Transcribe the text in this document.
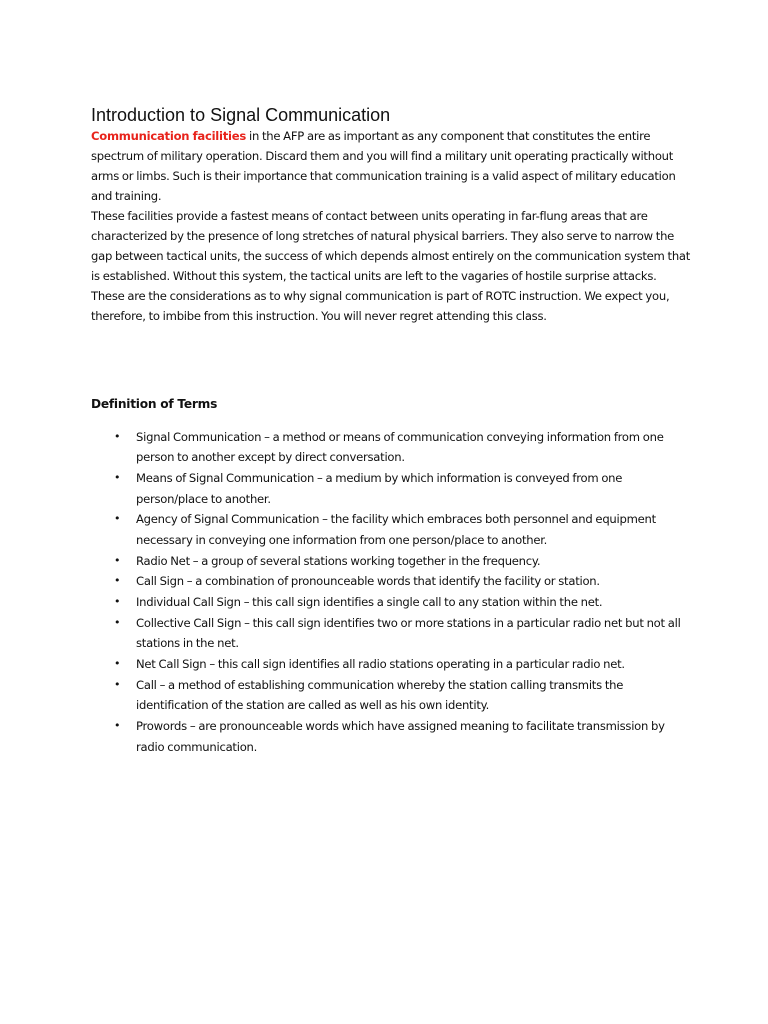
Introduction to Signal Communication

Communication facilities in the AFP are as important as any component that constitutes the entire spectrum of military operation. Discard them and you will find a military unit operating practically without arms or limbs. Such is their importance that communication training is a valid aspect of military education and training.

These facilities provide a fastest means of contact between units operating in far-flung areas that are characterized by the presence of long stretches of natural physical barriers. They also serve to narrow the gap between tactical units, the success of which depends almost entirely on the communication system that is established. Without this system, the tactical units are left to the vagaries of hostile surprise attacks. These are the considerations as to why signal communication is part of ROTC instruction. We expect you, therefore, to imbibe from this instruction. You will never regret attending this class.

Definition of Terms
• Signal Communication – a method or means of communication conveying information from one person to another except by direct conversation.
• Means of Signal Communication – a medium by which information is conveyed from one person/place to another.
• Agency of Signal Communication – the facility which embraces both personnel and equipment necessary in conveying one information from one person/place to another.
• Radio Net – a group of several stations working together in the frequency.
• Call Sign – a combination of pronounceable words that identify the facility or station.
• Individual Call Sign – this call sign identifies a single call to any station within the net.
• Collective Call Sign – this call sign identifies two or more stations in a particular radio net but not all stations in the net.
• Net Call Sign – this call sign identifies all radio stations operating in a particular radio net.
• Call – a method of establishing communication whereby the station calling transmits the identification of the station are called as well as his own identity.
• Prowords – are pronounceable words which have assigned meaning to facilitate transmission by radio communication.
